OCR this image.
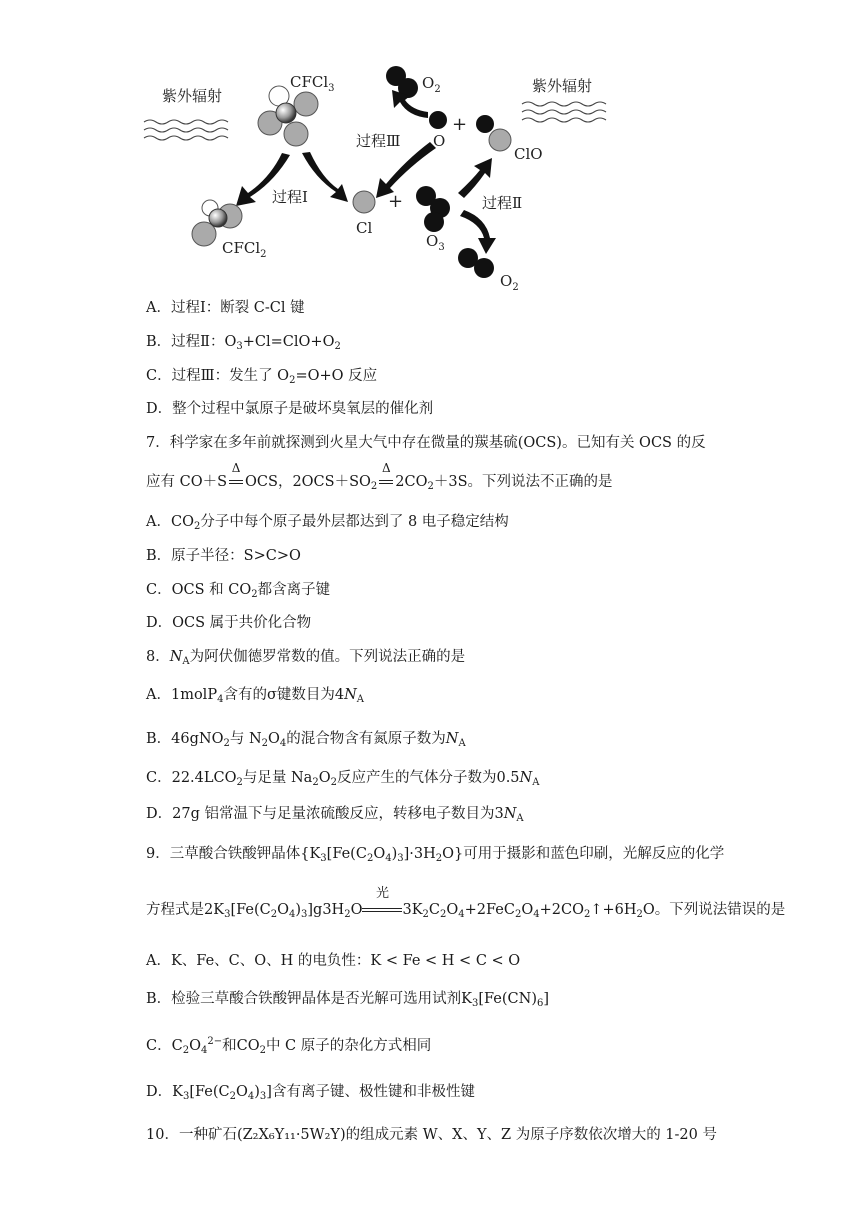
紫外辐射
CFCl$_3$
过程Ⅰ
CFCl$_2$
Cl
+
$O_3$
过程Ⅱ
$O_2$
$O_2$
过程Ⅲ O
+
ClO
紫外辐射
A．过程Ⅰ：断裂 C-Cl 键
B．过程Ⅱ：$O_3+Cl=ClO+O_2$
C．过程Ⅲ：发生了 $O_2=O+O$ 反应
D．整个过程中氯原子是破坏臭氧层的催化剂
7．科学家在多年前就探测到火星大气中存在微量的羰基硫(OCS)。已知有关 OCS 的反
应有 CO＋S
Δ
OCS，$2OCS+SO_2$
Δ
$2CO_2+3S$。下列说法不正确的是
A．$CO_2$分子中每个原子最外层都达到了 8 电子稳定结构
B．原子半径：S>C>O
C．OCS 和 $CO_2$都含离子键
D．OCS 属于共价化合物
8．$N_A$为阿伏伽德罗常数的值。下列说法正确的是
A．1molP$_4$含有的σ键数目为$4N_A$
B．46gNO$_2$与 $N_2O_4$的混合物含有氮原子数为$N_A$
C．$22.4LCO_2$与足量 $Na_2O_2$反应产生的气体分子数为$0.5N_A$
D．27g 铝常温下与足量浓硫酸反应，转移电子数目为$3N_A$
9．三草酸合铁酸钾晶体$\{K_3[Fe(C_2O_4)_3]\cdot 3H_2O\}$可用于摄影和蓝色印刷，光解反应的化学
方程式是$2K_3[Fe(C_2O_4)_3]g3H_2O$
光
$3K_2C_2O_4+2FeC_2O_4+2CO_2↑+6H_2O$。下列说法错误的是
A．K、Fe、C、O、H 的电负性：K < Fe < H < C < O
B．检验三草酸合铁酸钾晶体是否光解可选用试剂$K_3[Fe(CN)_6]$
C．$C_2O_4^{2-}$和$CO_2$中 C 原子的杂化方式相同
D．$K_3[Fe(C_2O_4)_3]$含有离子键、极性键和非极性键
10．一种矿石(Z₂X₆Y₁₁·5W₂Y)的组成元素 W、X、Y、Z 为原子序数依次增大的 1-20 号
